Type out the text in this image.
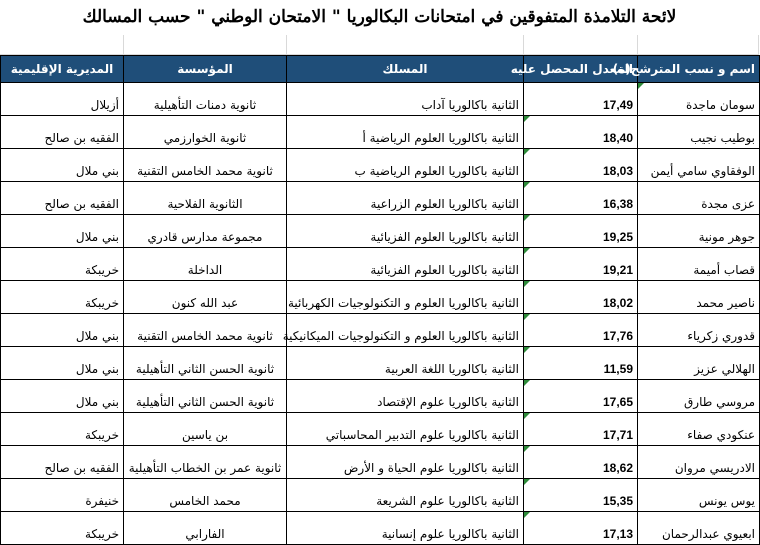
لائحة التلامذة المتفوقين في امتحانات البكالوريا " الامتحان الوطني " حسب المسالك
المديرية الإقليمية	المؤسسة	المسلك	المعدل المحصل عليه	اسم و نسب المترشح(ة)
أزيلال	ثانوية دمنات التأهيلية	الثانية باكالوريا آداب	17,49	سومان ماجدة
الفقيه بن صالح	ثانوية الخوارزمي	الثانية باكالوريا العلوم الرياضية أ	18,40	بوطيب نجيب
بني ملال	ثانوية محمد الخامس التقنية	الثانية باكالوريا العلوم الرياضية ب	18,03	الوفقاوي سامي أيمن
الفقيه بن صالح	الثانوية الفلاحية	الثانية باكالوريا العلوم الزراعية	16,38	عزى مجدة
بني ملال	مجموعة مدارس قادري	الثانية باكالوريا العلوم الفزيائية	19,25	جوهر مونية
خريبكة	الداخلة	الثانية باكالوريا العلوم الفزيائية	19,21	قصاب أميمة
خريبكة	عبد الله كنون	الثانية باكالوريا العلوم و التكنولوجيات الكهربائية	18,02	ناصير محمد
بني ملال	ثانوية محمد الخامس التقنية	الثانية باكالوريا العلوم و التكنولوجيات الميكانيكية	17,76	قدوري زكرياء
بني ملال	ثانوية الحسن الثاني التأهيلية	الثانية باكالوريا اللغة العربية	11,59	الهلالي عزيز
بني ملال	ثانوية الحسن الثاني التأهيلية	الثانية باكالوريا علوم الإقتصاد	17,65	مروسي طارق
خريبكة	بن ياسين	الثانية باكالوريا علوم التدبير المحاسباتي	17,71	عنكودي صفاء
الفقيه بن صالح	ثانوية عمر بن الخطاب التأهيلية	الثانية باكالوريا علوم الحياة و الأرض	18,62	الادريسي مروان
خنيفرة	محمد الخامس	الثانية باكالوريا علوم الشريعة	15,35	يوس يونس
خريبكة	الفارابي	الثانية باكالوريا علوم إنسانية	17,13	ابعيوي عبدالرحمان
